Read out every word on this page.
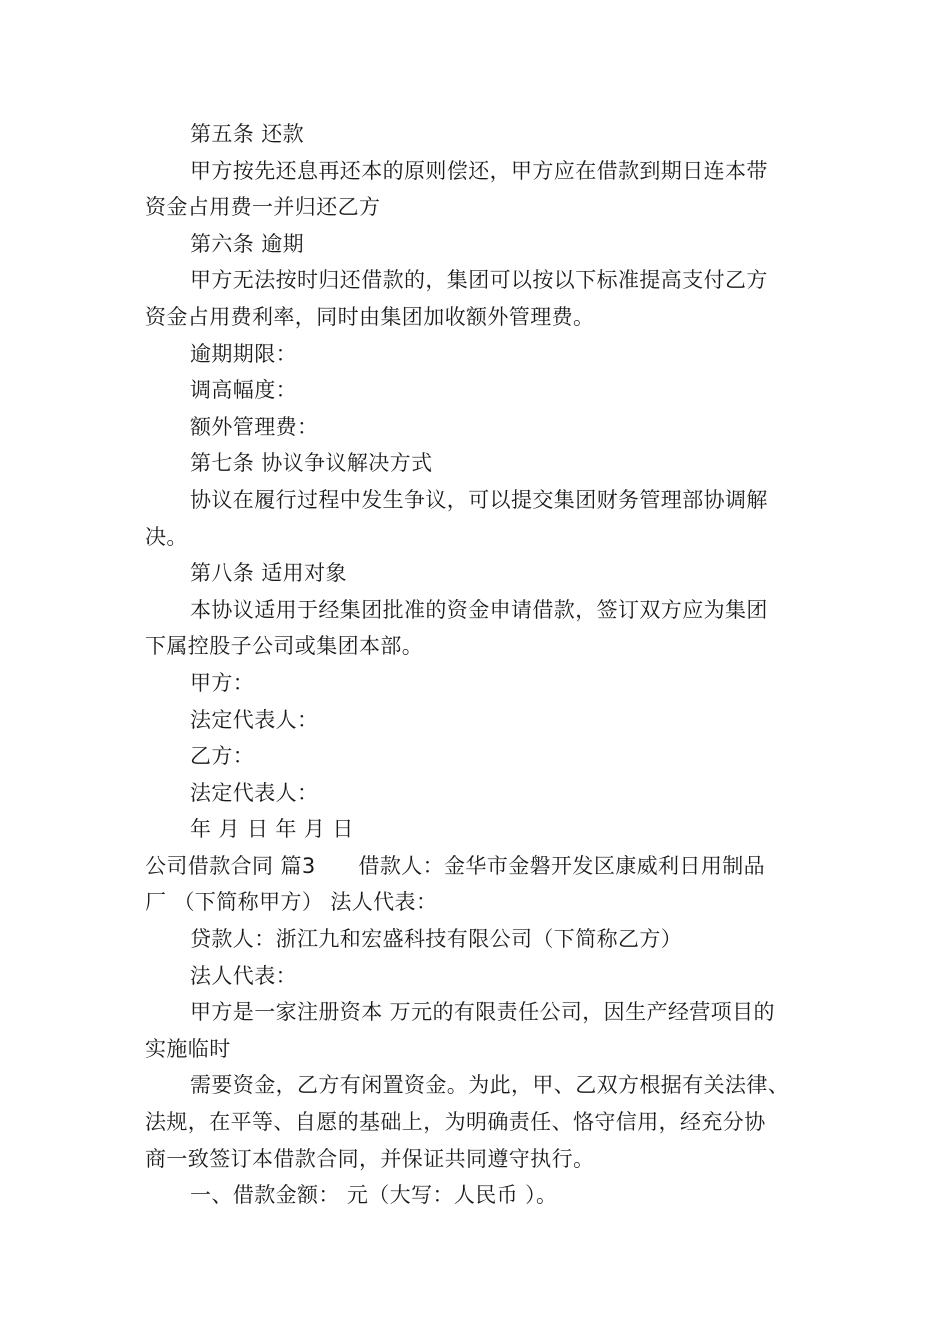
第五条 还款
甲方按先还息再还本的原则偿还，甲方应在借款到期日连本带
资金占用费一并归还乙方
第六条 逾期
甲方无法按时归还借款的，集团可以按以下标准提高支付乙方
资金占用费利率，同时由集团加收额外管理费。
逾期期限：
调高幅度：
额外管理费：
第七条 协议争议解决方式
协议在履行过程中发生争议，可以提交集团财务管理部协调解
决。
第八条 适用对象
本协议适用于经集团批准的资金申请借款，签订双方应为集团
下属控股子公司或集团本部。
甲方：
法定代表人：
乙方：
法定代表人：
年 月 日 年 月 日
公司借款合同 篇3　　借款人：金华市金磐开发区康威利日用制品
厂 （下简称甲方） 法人代表：
贷款人：浙江九和宏盛科技有限公司（下简称乙方）
法人代表：
甲方是一家注册资本 万元的有限责任公司，因生产经营项目的
实施临时
需要资金，乙方有闲置资金。为此，甲、乙双方根据有关法律、
法规，在平等、自愿的基础上，为明确责任、恪守信用，经充分协
商一致签订本借款合同，并保证共同遵守执行。
一、借款金额： 元（大写：人民币 ）。
